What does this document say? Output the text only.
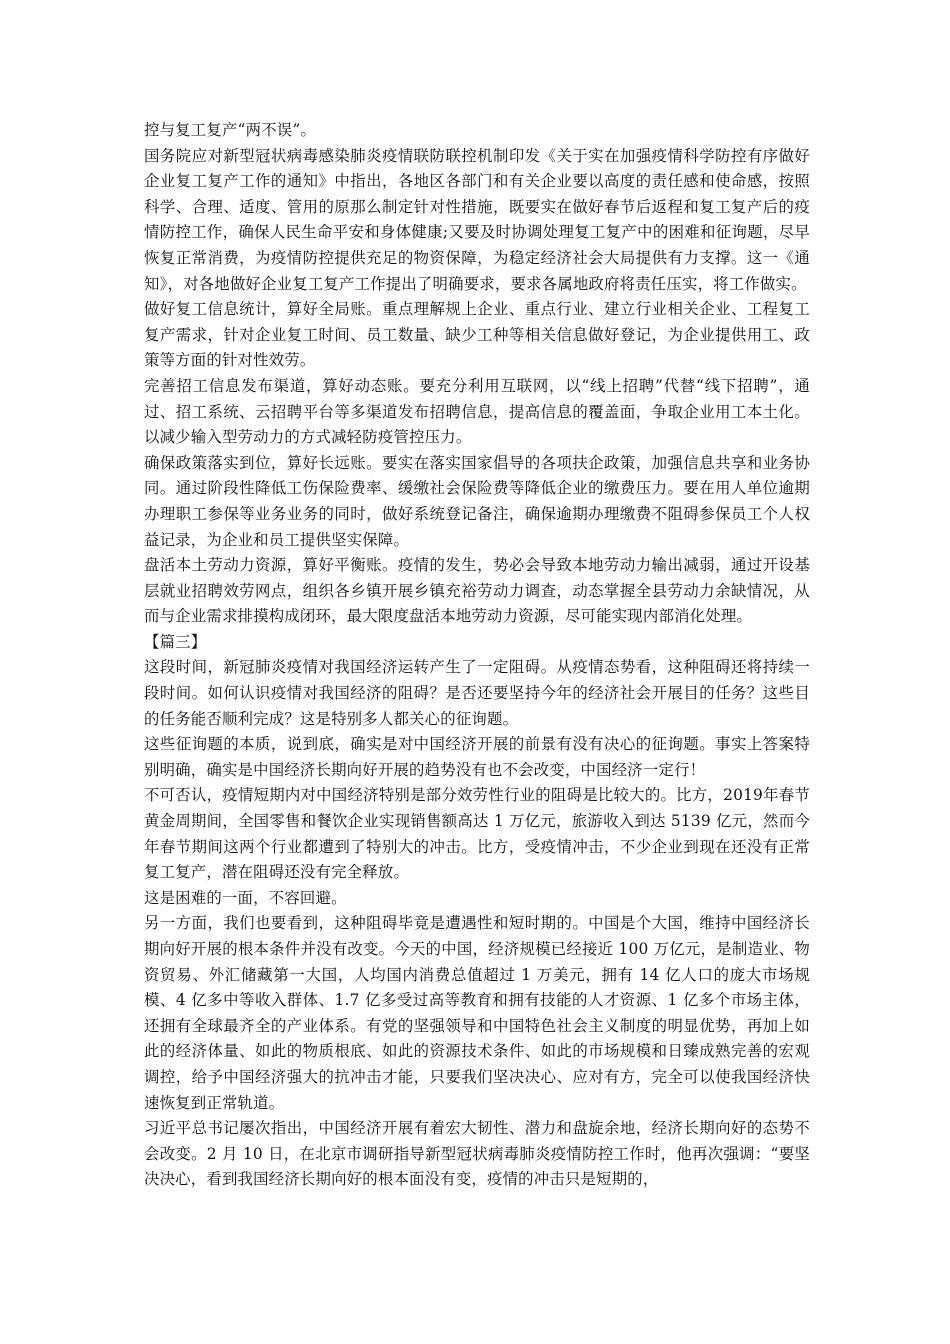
控与复工复产“两不误”。

国务院应对新型冠状病毒感染肺炎疫情联防联控机制印发《关于实在加强疫情科学防控有序做好企业复工复产工作的通知》中指出，各地区各部门和有关企业要以高度的责任感和使命感，按照科学、合理、适度、管用的原那么制定针对性措施，既要实在做好春节后返程和复工复产后的疫情防控工作，确保人民生命平安和身体健康;又要及时协调处理复工复产中的困难和征询题，尽早恢复正常消费，为疫情防控提供充足的物资保障，为稳定经济社会大局提供有力支撑。这一《通知》，对各地做好企业复工复产工作提出了明确要求，要求各属地政府将责任压实，将工作做实。

做好复工信息统计，算好全局账。重点理解规上企业、重点行业、建立行业相关企业、工程复工复产需求，针对企业复工时间、员工数量、缺少工种等相关信息做好登记，为企业提供用工、政策等方面的针对性效劳。

完善招工信息发布渠道，算好动态账。要充分利用互联网，以“线上招聘”代替“线下招聘”，通过、招工系统、云招聘平台等多渠道发布招聘信息，提高信息的覆盖面，争取企业用工本土化。以减少输入型劳动力的方式减轻防疫管控压力。

确保政策落实到位，算好长远账。要实在落实国家倡导的各项扶企政策，加强信息共享和业务协同。通过阶段性降低工伤保险费率、缓缴社会保险费等降低企业的缴费压力。要在用人单位逾期办理职工参保等业务业务的同时，做好系统登记备注，确保逾期办理缴费不阻碍参保员工个人权益记录，为企业和员工提供坚实保障。

盘活本土劳动力资源，算好平衡账。疫情的发生，势必会导致本地劳动力输出减弱，通过开设基层就业招聘效劳网点，组织各乡镇开展乡镇充裕劳动力调查，动态掌握全县劳动力余缺情况，从而与企业需求排摸构成闭环，最大限度盘活本地劳动力资源，尽可能实现内部消化处理。

【篇三】

这段时间，新冠肺炎疫情对我国经济运转产生了一定阻碍。从疫情态势看，这种阻碍还将持续一段时间。如何认识疫情对我国经济的阻碍？是否还要坚持今年的经济社会开展目的任务？这些目的任务能否顺利完成？这是特别多人都关心的征询题。

这些征询题的本质，说到底，确实是对中国经济开展的前景有没有决心的征询题。事实上答案特别明确，确实是中国经济长期向好开展的趋势没有也不会改变，中国经济一定行！

不可否认，疫情短期内对中国经济特别是部分效劳性行业的阻碍是比较大的。比方，2019年春节黄金周期间，全国零售和餐饮企业实现销售额高达 1 万亿元，旅游收入到达 5139 亿元，然而今年春节期间这两个行业都遭到了特别大的冲击。比方，受疫情冲击，不少企业到现在还没有正常复工复产，潜在阻碍还没有完全释放。

这是困难的一面，不容回避。

另一方面，我们也要看到，这种阻碍毕竟是遭遇性和短时期的。中国是个大国，维持中国经济长期向好开展的根本条件并没有改变。今天的中国，经济规模已经接近 100 万亿元，是制造业、物资贸易、外汇储藏第一大国，人均国内消费总值超过 1 万美元，拥有 14 亿人口的庞大市场规模、4 亿多中等收入群体、1.7 亿多受过高等教育和拥有技能的人才资源、1 亿多个市场主体，还拥有全球最齐全的产业体系。有党的坚强领导和中国特色社会主义制度的明显优势，再加上如此的经济体量、如此的物质根底、如此的资源技术条件、如此的市场规模和日臻成熟完善的宏观调控，给予中国经济强大的抗冲击才能，只要我们坚决决心、应对有方，完全可以使我国经济快速恢复到正常轨道。

习近平总书记屡次指出，中国经济开展有着宏大韧性、潜力和盘旋余地，经济长期向好的态势不会改变。2 月 10 日，在北京市调研指导新型冠状病毒肺炎疫情防控工作时，他再次强调：“要坚决决心，看到我国经济长期向好的根本面没有变，疫情的冲击只是短期的，
